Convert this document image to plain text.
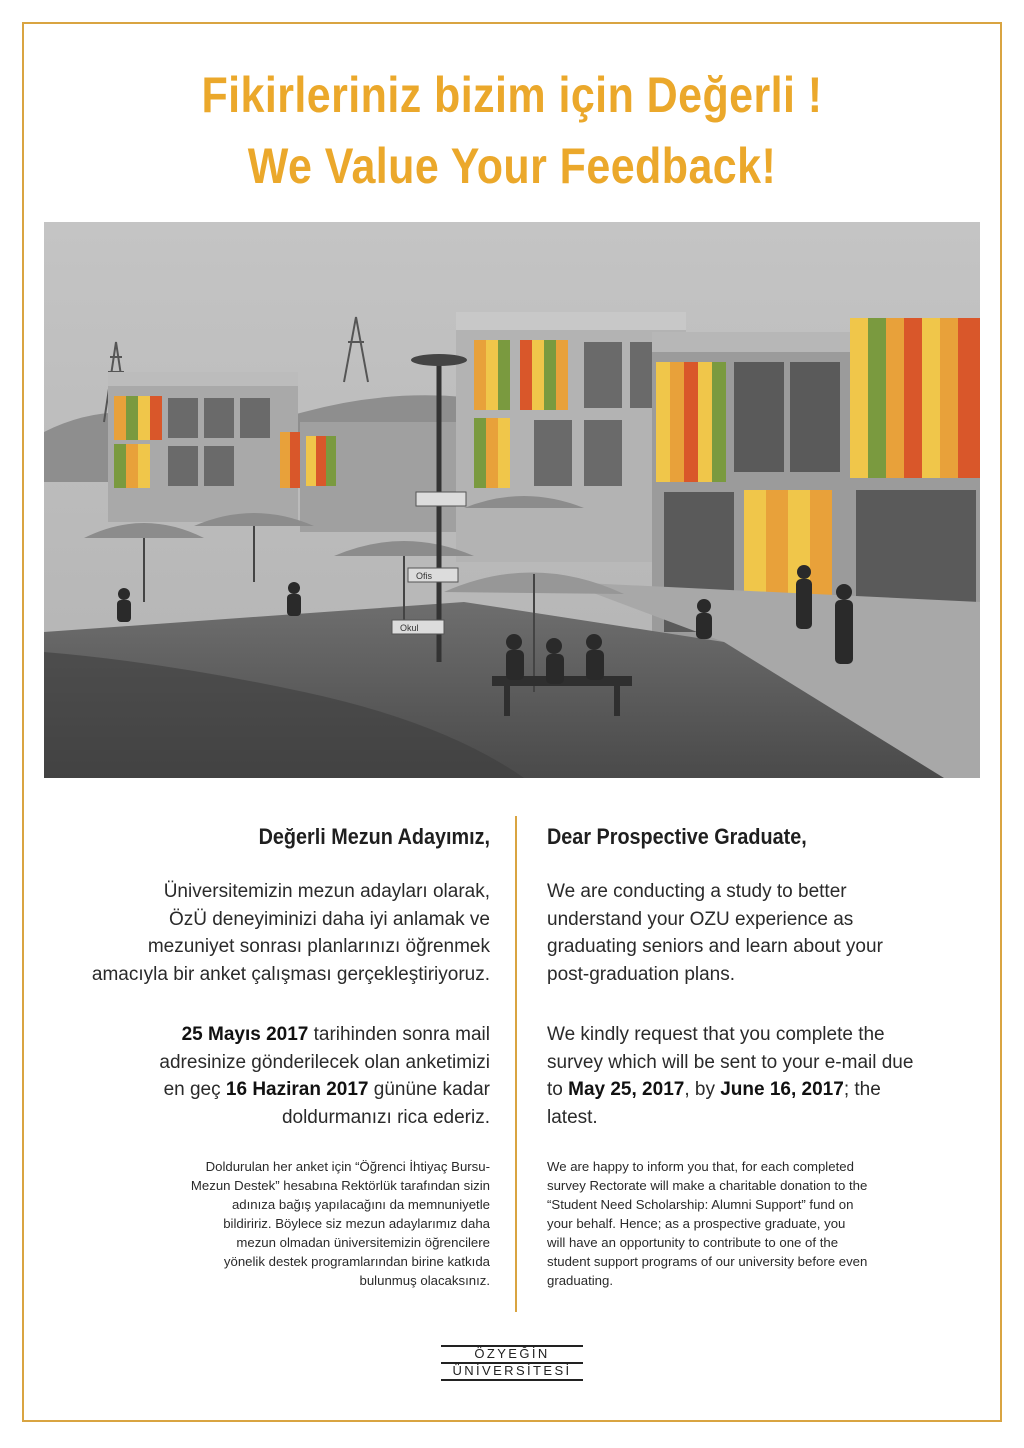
Fikirleriniz bizim için Değerli !
We Value Your Feedback!
Okul
Ofis
Değerli Mezun Adayımız,
Üniversitemizin mezun adayları olarak,
ÖzÜ deneyiminizi daha iyi anlamak ve
mezuniyet sonrası planlarınızı öğrenmek
amacıyla bir anket çalışması gerçekleştiriyoruz.
25 Mayıs 2017 tarihinden sonra mail
adresinize gönderilecek olan anketimizi
en geç 16 Haziran 2017 gününe kadar
doldurmanızı rica ederiz.
Doldurulan her anket için “Öğrenci İhtiyaç Bursu-
Mezun Destek” hesabına Rektörlük tarafından sizin
adınıza bağış yapılacağını da memnuniyetle
bildiririz. Böylece siz mezun adaylarımız daha
mezun olmadan üniversitemizin öğrencilere
yönelik destek programlarından birine katkıda
bulunmuş olacaksınız.
Dear Prospective Graduate,
We are conducting a study to better
understand your OZU experience as
graduating seniors and learn about your
post-graduation plans.
We kindly request that you complete the
survey which will be sent to your e-mail due
to May 25, 2017, by June 16, 2017; the
latest.
We are happy to inform you that, for each completed
survey Rectorate will make a charitable donation to the
“Student Need Scholarship: Alumni Support” fund on
your behalf. Hence; as a prospective graduate, you
will have an opportunity to contribute to one of the
student support programs of our university before even
graduating.
ÖZYEĞİN
ÜNİVERSİTESİ
